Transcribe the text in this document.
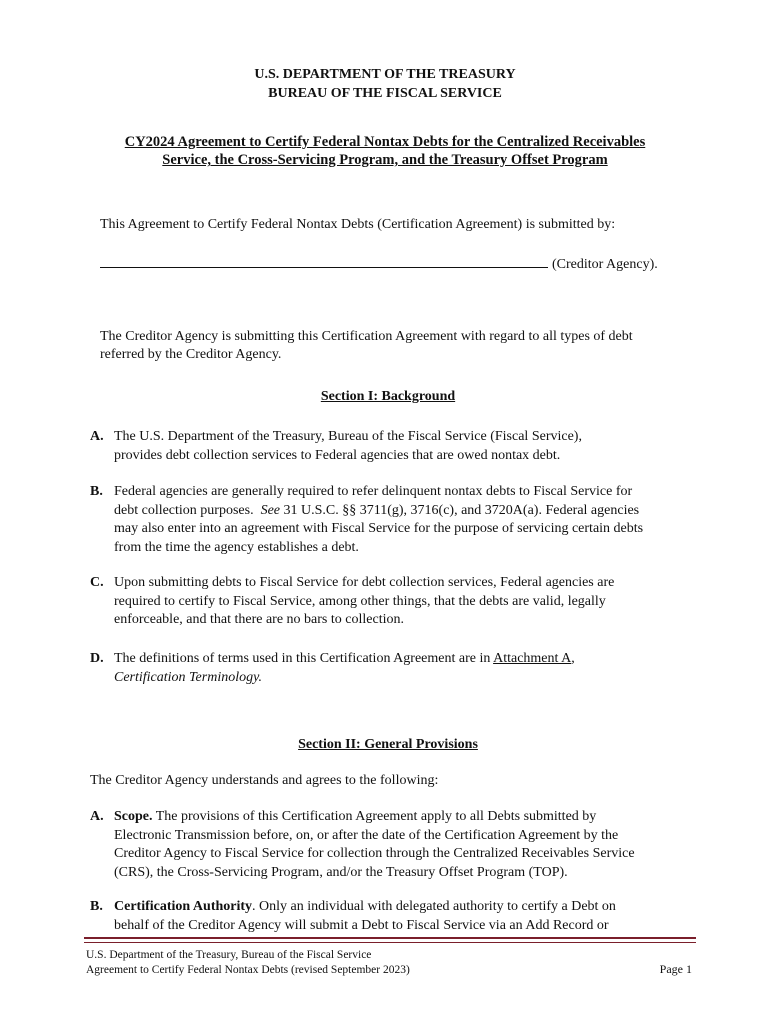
U.S. DEPARTMENT OF THE TREASURY

BUREAU OF THE FISCAL SERVICE

CY2024 Agreement to Certify Federal Nontax Debts for the Centralized Receivables

Service, the Cross-Servicing Program, and the Treasury Offset Program

This Agreement to Certify Federal Nontax Debts (Certification Agreement) is submitted by:

(Creditor Agency).

The Creditor Agency is submitting this Certification Agreement with regard to all types of debt

referred by the Creditor Agency.

Section I: Background

A. The U.S. Department of the Treasury, Bureau of the Fiscal Service (Fiscal Service),
provides debt collection services to Federal agencies that are owed nontax debt.
B. Federal agencies are generally required to refer delinquent nontax debts to Fiscal Service for
debt collection purposes. See 31 U.S.C. §§ 3711(g), 3716(c), and 3720A(a). Federal agencies
may also enter into an agreement with Fiscal Service for the purpose of servicing certain debts
from the time the agency establishes a debt.
C. Upon submitting debts to Fiscal Service for debt collection services, Federal agencies are
required to certify to Fiscal Service, among other things, that the debts are valid, legally
enforceable, and that there are no bars to collection.
D. The definitions of terms used in this Certification Agreement are in Attachment A,
Certification Terminology.

Section II: General Provisions

The Creditor Agency understands and agrees to the following:

A. Scope. The provisions of this Certification Agreement apply to all Debts submitted by
Electronic Transmission before, on, or after the date of the Certification Agreement by the
Creditor Agency to Fiscal Service for collection through the Centralized Receivables Service
(CRS), the Cross-Servicing Program, and/or the Treasury Offset Program (TOP).
B. Certification Authority. Only an individual with delegated authority to certify a Debt on
behalf of the Creditor Agency will submit a Debt to Fiscal Service via an Add Record or

U.S. Department of the Treasury, Bureau of the Fiscal Service

Agreement to Certify Federal Nontax Debts (revised September 2023)	Page 1
